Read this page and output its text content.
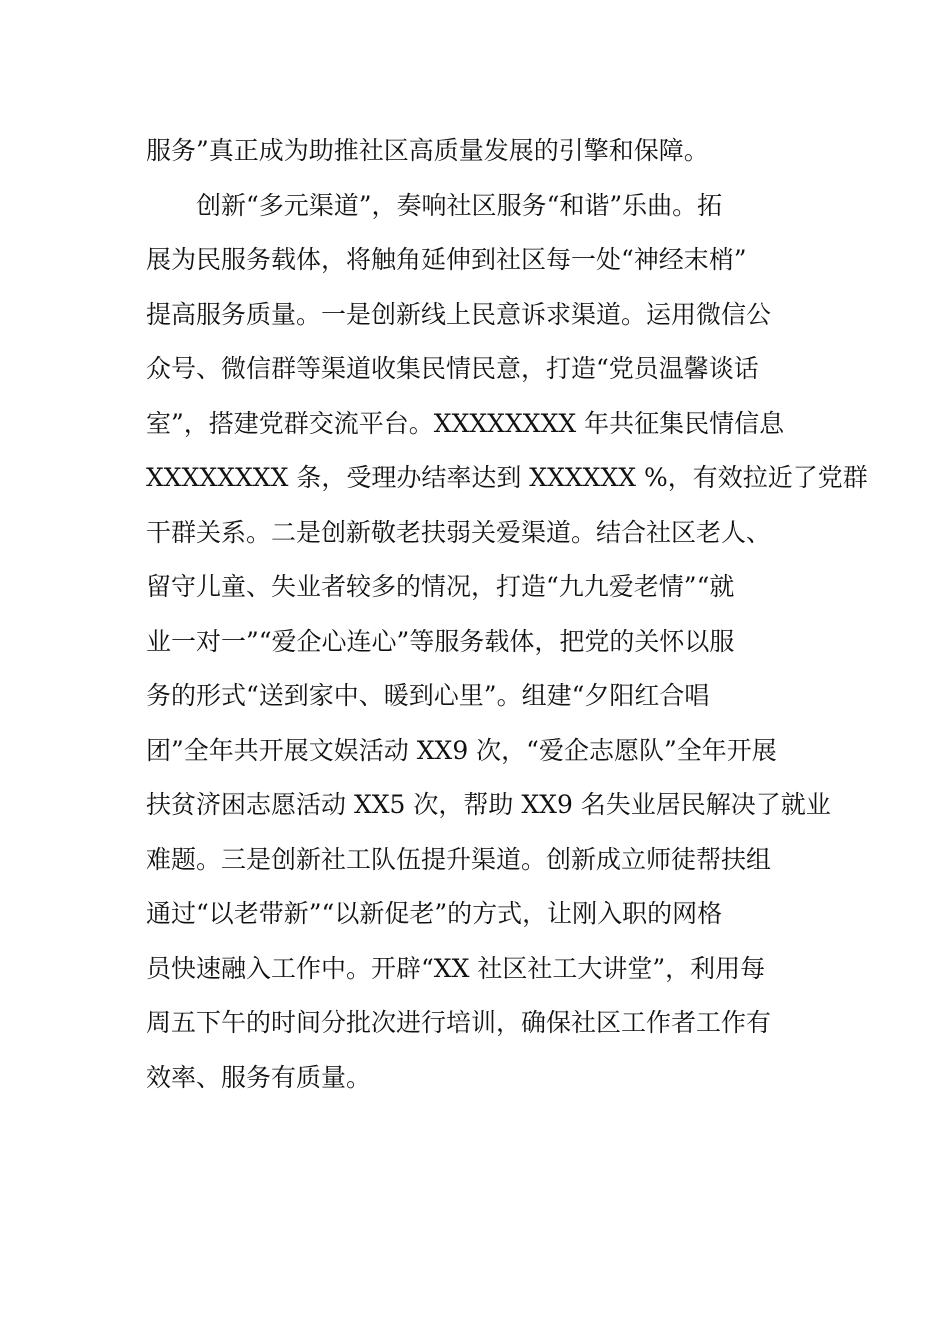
服务”真正成为助推社区高质量发展的引擎和保障。
创新“多元渠道”，奏响社区服务“和谐”乐曲。拓
展为民服务载体，将触角延伸到社区每一处“神经末梢”
提高服务质量。一是创新线上民意诉求渠道。运用微信公
众号、微信群等渠道收集民情民意，打造“党员温馨谈话
室”，搭建党群交流平台。XXXXXXXX 年共征集民情信息
XXXXXXXX 条，受理办结率达到 XXXXXX %，有效拉近了党群
干群关系。二是创新敬老扶弱关爱渠道。结合社区老人、
留守儿童、失业者较多的情况，打造“九九爱老情”“就
业一对一”“爱企心连心”等服务载体，把党的关怀以服
务的形式“送到家中、暖到心里”。组建“夕阳红合唱
团”全年共开展文娱活动 XX9 次，“爱企志愿队”全年开展
扶贫济困志愿活动 XX5 次，帮助 XX9 名失业居民解决了就业
难题。三是创新社工队伍提升渠道。创新成立师徒帮扶组
通过“以老带新”“以新促老”的方式，让刚入职的网格
员快速融入工作中。开辟“XX 社区社工大讲堂”，利用每
周五下午的时间分批次进行培训，确保社区工作者工作有
效率、服务有质量。
